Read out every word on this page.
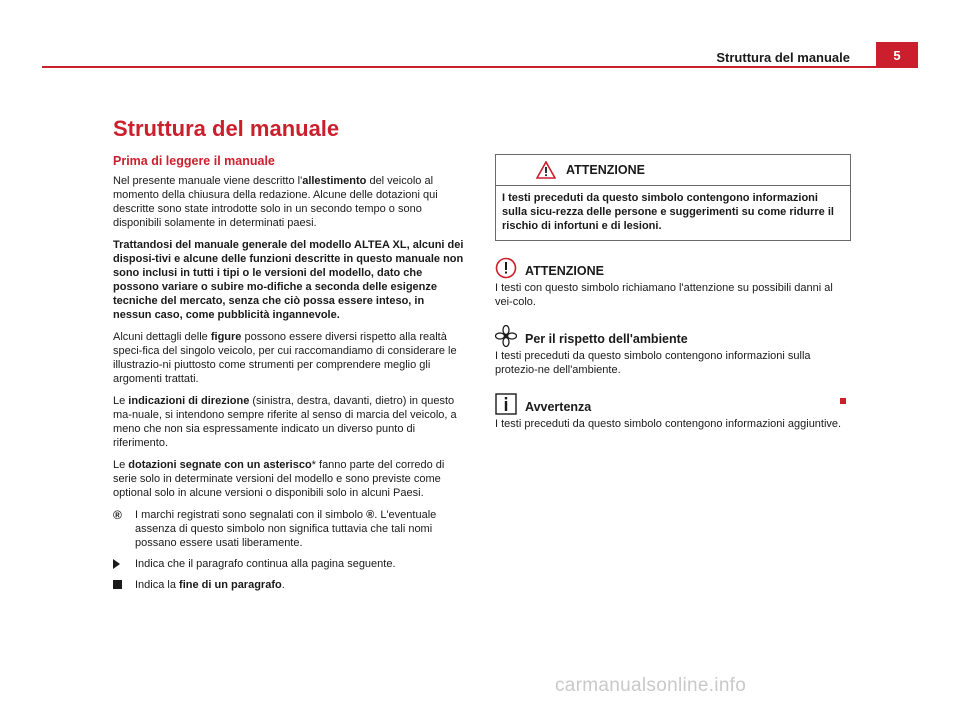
Struttura del manuale	5
Struttura del manuale
Prima di leggere il manuale

Nel presente manuale viene descritto l'allestimento del veicolo al momento della chiusura della redazione. Alcune delle dotazioni qui descritte sono state introdotte solo in un secondo tempo o sono disponibili solamente in determinati paesi.

Trattandosi del manuale generale del modello ALTEA XL, alcuni dei disposi-tivi e alcune delle funzioni descritte in questo manuale non sono inclusi in tutti i tipi o le versioni del modello, dato che possono variare o subire mo-difiche a seconda delle esigenze tecniche del mercato, senza che ciò possa essere inteso, in nessun caso, come pubblicità ingannevole.

Alcuni dettagli delle figure possono essere diversi rispetto alla realtà speci-fica del singolo veicolo, per cui raccomandiamo di considerare le illustrazio-ni piuttosto come strumenti per comprendere meglio gli argomenti trattati.

Le indicazioni di direzione (sinistra, destra, davanti, dietro) in questo ma-nuale, si intendono sempre riferite al senso di marcia del veicolo, a meno che non sia espressamente indicato un diverso punto di riferimento.

Le dotazioni segnate con un asterisco* fanno parte del corredo di serie solo in determinate versioni del modello e sono previste come optional solo in alcune versioni o disponibili solo in alcuni Paesi.

® I marchi registrati sono segnalati con il simbolo ®. L'eventuale assenza di questo simbolo non significa tuttavia che tali nomi possano essere usati liberamente.
Indica che il paragrafo continua alla pagina seguente.
Indica la fine di un paragrafo.
ATTENZIONE
I testi preceduti da questo simbolo contengono informazioni sulla sicu-rezza delle persone e suggerimenti su come ridurre il rischio di infortuni e di lesioni.
ATTENZIONE

I testi con questo simbolo richiamano l'attenzione su possibili danni al vei-colo.

Per il rispetto dell'ambiente

I testi preceduti da questo simbolo contengono informazioni sulla protezio-ne dell'ambiente.

Avvertenza

I testi preceduti da questo simbolo contengono informazioni aggiuntive.

carmanualsonline.info
